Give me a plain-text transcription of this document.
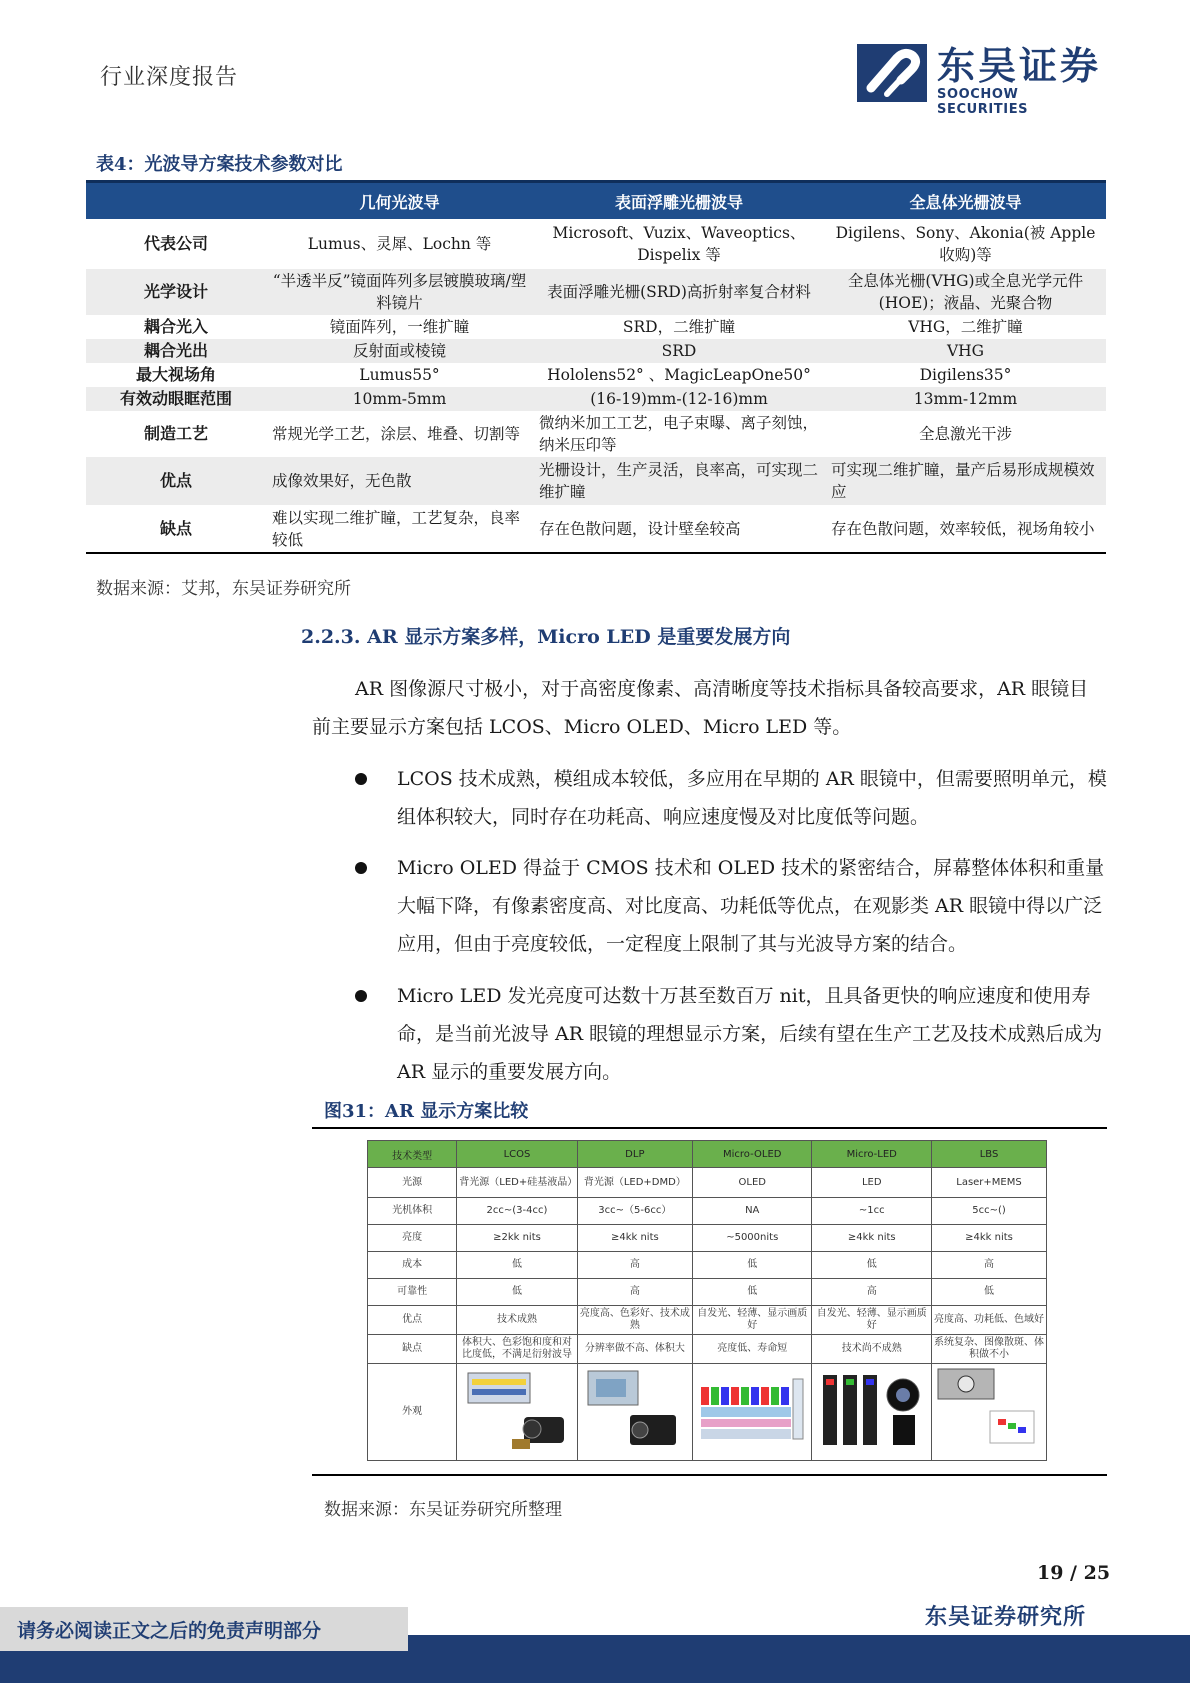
行业深度报告	东吴证券
SOOCHOW SECURITIES
表4：光波导方案技术参数对比
	几何光波导	表面浮雕光栅波导	全息体光栅波导
代表公司	Lumus、灵犀、Lochn 等	Microsoft、Vuzix、Waveoptics、Dispelix 等	Digilens、Sony、Akonia(被 Apple 收购)等
光学设计	“半透半反”镜面阵列多层镀膜玻璃/塑料镜片	表面浮雕光栅(SRD)高折射率复合材料	全息体光栅(VHG)或全息光学元件(HOE)；液晶、光聚合物
耦合光入	镜面阵列，一维扩瞳	SRD，二维扩瞳	VHG，二维扩瞳
耦合光出	反射面或棱镜	SRD	VHG
最大视场角	Lumus55°	Hololens52° 、MagicLeapOne50°	Digilens35°
有效动眼眶范围	10mm-5mm	(16-19)mm-(12-16)mm	13mm-12mm
制造工艺	常规光学工艺，涂层、堆叠、切割等	微纳米加工工艺，电子束曝、离子刻蚀，纳米压印等	全息激光干涉
优点	成像效果好，无色散	光栅设计，生产灵活，良率高，可实现二维扩瞳	可实现二维扩瞳，量产后易形成规模效应
缺点	难以实现二维扩瞳，工艺复杂，良率较低	存在色散问题，设计壁垒较高	存在色散问题，效率较低，视场角较小
数据来源：艾邦，东吴证券研究所
2.2.3. AR 显示方案多样，Micro LED 是重要发展方向
AR 图像源尺寸极小，对于高密度像素、高清晰度等技术指标具备较高要求，AR 眼镜目前主要显示方案包括 LCOS、Micro OLED、Micro LED 等。
LCOS 技术成熟，模组成本较低，多应用在早期的 AR 眼镜中，但需要照明单元，模组体积较大，同时存在功耗高、响应速度慢及对比度低等问题。
Micro OLED 得益于 CMOS 技术和 OLED 技术的紧密结合，屏幕整体体积和重量大幅下降，有像素密度高、对比度高、功耗低等优点，在观影类 AR 眼镜中得以广泛应用，但由于亮度较低，一定程度上限制了其与光波导方案的结合。
Micro LED 发光亮度可达数十万甚至数百万 nit，且具备更快的响应速度和使用寿命，是当前光波导 AR 眼镜的理想显示方案，后续有望在生产工艺及技术成熟后成为 AR 显示的重要发展方向。
图31：AR 显示方案比较
技术类型	LCOS	DLP	Micro-OLED	Micro-LED	LBS
光源	背光源（LED+硅基液晶）	背光源（LED+DMD）	OLED	LED	Laser+MEMS
光机体积	2cc~(3-4cc)	3cc~（5-6cc）	NA	~1cc	5cc~()
亮度	≥2kk nits	≥4kk nits	~5000nits	≥4kk nits	≥4kk nits
成本	低	高	低	低	高
可靠性	低	高	低	高	低
优点	技术成熟	亮度高、色彩好、技术成熟	自发光、轻薄、显示画质好	自发光、轻薄、显示画质好	亮度高、功耗低、色域好
缺点	体积大、色彩饱和度和对比度低，不满足衍射波导	分辨率做不高、体积大	亮度低、寿命短	技术尚不成熟	系统复杂、图像散斑、体积做不小
外观					
数据来源：东吴证券研究所整理
19 / 25
东吴证券研究所
请务必阅读正文之后的免责声明部分
